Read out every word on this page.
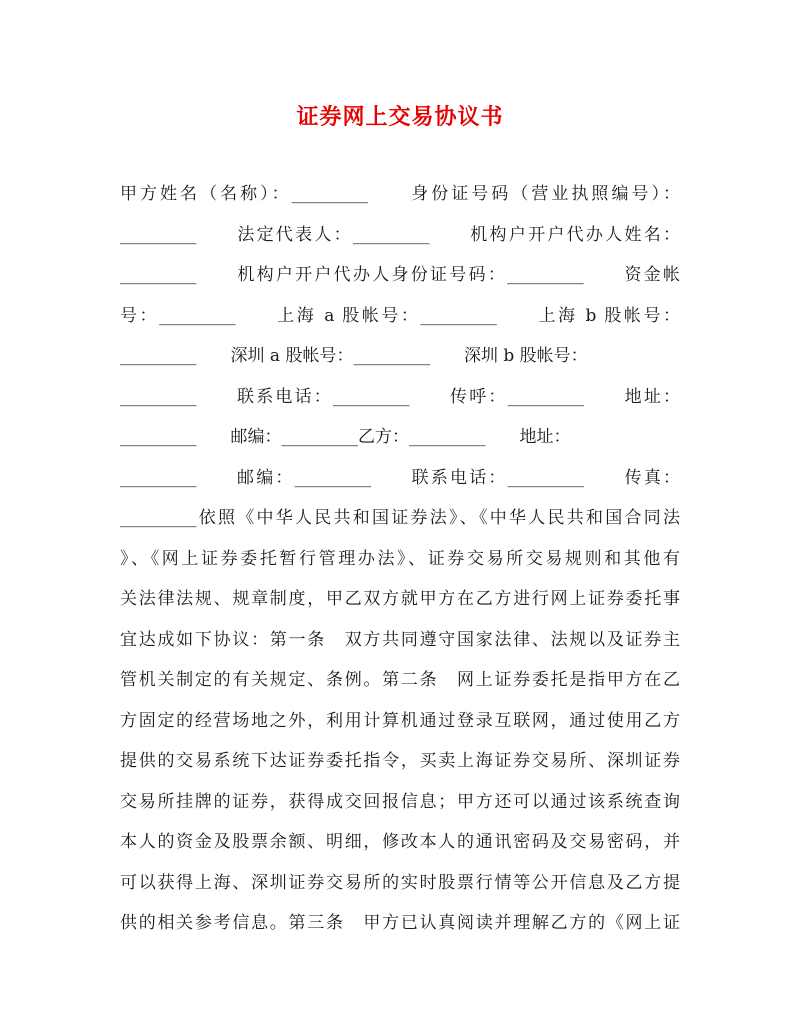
证券网上交易协议书
甲方姓名（名称）：_________　　身份证号码（营业执照编号）：
_________　　法定代表人：_________　　机构户开户代办人姓名：
_________　　机构户开户代办人身份证号码：_________　　资金帐
号：_________　　上海 a 股帐号：_________　　上海 b 股帐号：
_________　　深圳 a 股帐号：_________　　深圳 b 股帐号：
_________　　联系电话：_________　　传呼：_________　　地址：
_________　　邮编：_________乙方：_________　　地址：
_________　　邮编：_________　　联系电话：_________　　传真：
_________依照《中华人民共和国证券法》、《中华人民共和国合同法
》、《网上证券委托暂行管理办法》、证券交易所交易规则和其他有
关法律法规、规章制度，甲乙双方就甲方在乙方进行网上证券委托事
宜达成如下协议：第一条　双方共同遵守国家法律、法规以及证券主
管机关制定的有关规定、条例。第二条　网上证券委托是指甲方在乙
方固定的经营场地之外，利用计算机通过登录互联网，通过使用乙方
提供的交易系统下达证券委托指令，买卖上海证券交易所、深圳证券
交易所挂牌的证券，获得成交回报信息；甲方还可以通过该系统查询
本人的资金及股票余额、明细，修改本人的通讯密码及交易密码，并
可以获得上海、深圳证券交易所的实时股票行情等公开信息及乙方提
供的相关参考信息。第三条　甲方已认真阅读并理解乙方的《网上证
